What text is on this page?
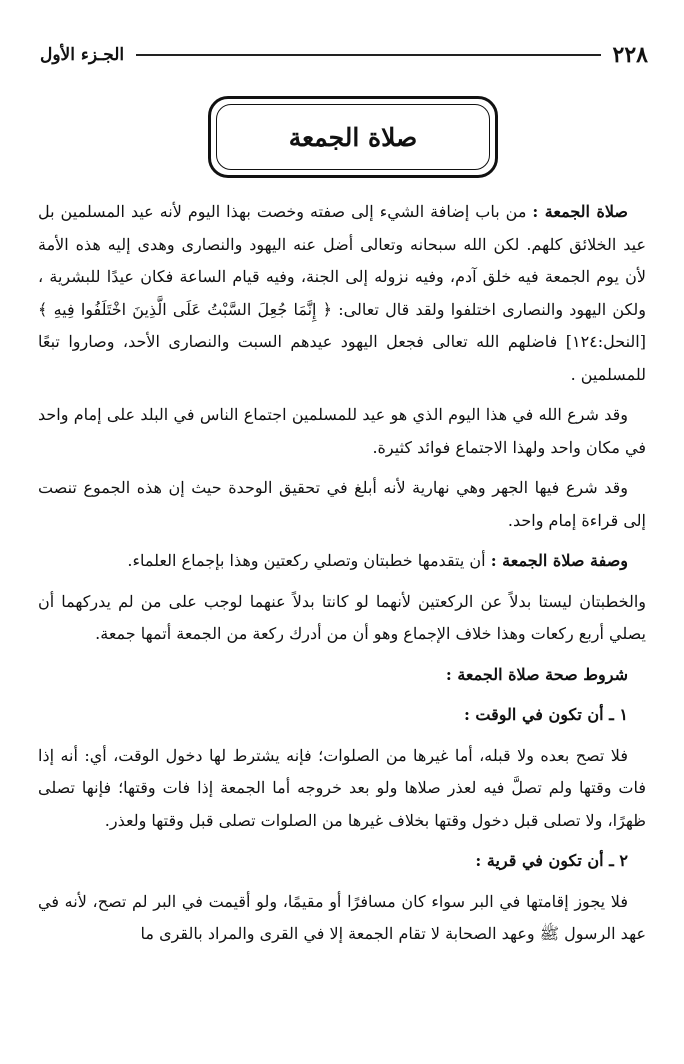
٢٢٨
الجـزء الأول
صلاة الجمعة

صلاة الجمعة : من باب إضافة الشيء إلى صفته وخصت بهذا اليوم لأنه عيد المسلمين بل عيد الخلائق كلهم. لكن الله سبحانه وتعالى أضل عنه اليهود والنصارى وهدى إليه هذه الأمة لأن يوم الجمعة فيه خلق آدم، وفيه نزوله إلى الجنة، وفيه قيام الساعة فكان عيدًا للبشرية ، ولكن اليهود والنصارى اختلفوا ولقد قال تعالى: ﴿ إِنَّمَا جُعِلَ السَّبْتُ عَلَى الَّذِينَ اخْتَلَفُوا فِيهِ ﴾ [النحل:١٢٤] فاضلهم الله تعالى فجعل اليهود عيدهم السبت والنصارى الأحد، وصاروا تبعًا للمسلمين .

وقد شرع الله في هذا اليوم الذي هو عيد للمسلمين اجتماع الناس في البلد على إمام واحد في مكان واحد ولهذا الاجتماع فوائد كثيرة.

وقد شرع فيها الجهر وهي نهارية لأنه أبلغ في تحقيق الوحدة حيث إن هذه الجموع تنصت إلى قراءة إمام واحد.

وصفة صلاة الجمعة : أن يتقدمها خطبتان وتصلي ركعتين وهذا بإجماع العلماء.

والخطبتان ليستا بدلاً عن الركعتين لأنهما لو كانتا بدلاً عنهما لوجب على من لم يدركهما أن يصلي أربع ركعات وهذا خلاف الإجماع وهو أن من أدرك ركعة من الجمعة أتمها جمعة.

شروط صحة صلاة الجمعة :
١ ـ أن تكون في الوقت :

فلا تصح بعده ولا قبله، أما غيرها من الصلوات؛ فإنه يشترط لها دخول الوقت، أي: أنه إذا فات وقتها ولم تصلَّ فيه لعذر صلاها ولو بعد خروجه أما الجمعة إذا فات وقتها؛ فإنها تصلى ظهرًا، ولا تصلى قبل دخول وقتها بخلاف غيرها من الصلوات تصلى قبل وقتها ولعذر.

٢ ـ أن تكون في قرية :

فلا يجوز إقامتها في البر سواء كان مسافرًا أو مقيمًا، ولو أقيمت في البر لم تصح، لأنه في عهد الرسول ﷺ وعهد الصحابة لا تقام الجمعة إلا في القرى والمراد بالقرى ما
